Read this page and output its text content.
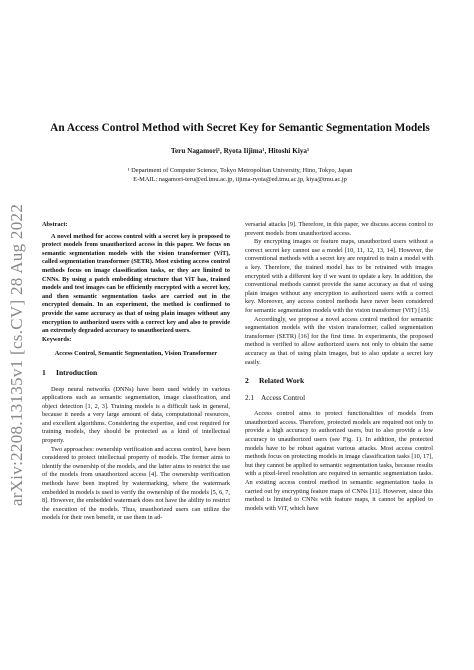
arXiv:2208.13135v1 [cs.CV] 28 Aug 2022
An Access Control Method with Secret Key for Semantic Segmentation Models
Teru Nagamori¹, Ryota Iijima¹, Hitoshi Kiya¹
¹ Department of Computer Science, Tokyo Metropolitan University, Hino, Tokyo, Japan
E-MAIL: nagamori-teru@ed.tmu.ac.jp, iijima-ryota@ed.tmu.ac.jp, kiya@tmu.ac.jp

Abstract:

A novel method for access control with a secret key is proposed to protect models from unauthorized access in this paper. We focus on semantic segmentation models with the vision transformer (ViT), called segmentation transformer (SETR). Most existing access control methods focus on image classification tasks, or they are limited to CNNs. By using a patch embedding structure that ViT has, trained models and test images can be efficiently encrypted with a secret key, and then semantic segmentation tasks are carried out in the encrypted domain. In an experiment, the method is confirmed to provide the same accuracy as that of using plain images without any encryption to authorized users with a correct key and also to provide an extremely degraded accuracy to unauthorized users.

Keywords:

Access Control, Semantic Segmentation, Vision Transformer

1 Introduction

Deep neural networks (DNNs) have been used widely in various applications such as semantic segmentation, image classification, and object detection [1, 2, 3]. Training models is a difficult task in general, because it needs a very large amount of data, computational resources, and excellent algorithms. Considering the expertise, and cost required for training models, they should be protected as a kind of intellectual property.

Two approaches: ownership verification and access control, have been considered to protect intellectual property of models. The former aims to identify the ownership of the models, and the latter aims to restrict the use of the models from unauthorized access [4]. The ownership verification methods have been inspired by watermarking, where the watermark embedded in models is used to verify the ownership of the models [5, 6, 7, 8]. However, the embedded watermark does not have the ability to restrict the execution of the models. Thus, unauthorized users can utilize the models for their own benefit, or use them in ad-

versarial attacks [9]. Therefore, in this paper, we discuss access control to prevent models from unauthorized access.

By encrypting images or feature maps, unauthorized users without a correct secret key cannot use a model [10, 11, 12, 13, 14]. However, the conventional methods with a secret key are required to train a model with a key. Therefore, the trained model has to be retrained with images encrypted with a different key if we want to update a key. In addition, the conventional methods cannot provide the same accuracy as that of using plain images without any encryption to authorized users with a correct key. Moreover, any access control methods have never been considered for semantic segmentation models with the vision transformer (ViT) [15].

Accordingly, we propose a novel access control method for semantic segmentation models with the vision transformer, called segmentation transformer (SETR) [16] for the first time. In experiments, the proposed method is verified to allow authorized users not only to obtain the same accuracy as that of using plain images, but to also update a secret key easily.

2 Related Work
2.1 Access Control

Access control aims to protect functionalities of models from unauthorized access. Therefore, protected models are required not only to provide a high accuracy to authorized users, but to also provide a low accuracy to unauthorized users (see Fig. 1). In addition, the protected models have to be robust against various attacks. Most access control methods focus on protecting models in image classification tasks [10, 17], but they cannot be applied to semantic segmentation tasks, because results with a pixel-level resolution are required in semantic segmentation tasks. An existing access control method in semantic segmentation tasks is carried out by encrypting feature maps of CNNs [11]. However, since this method is limited to CNNs with feature maps, it cannot be applied to models with ViT, which have
